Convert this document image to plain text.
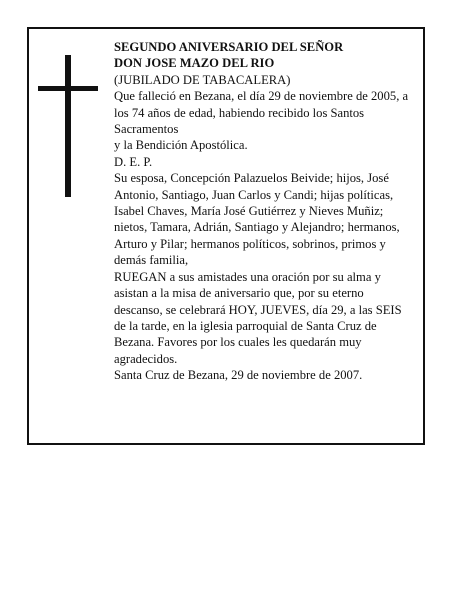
SEGUNDO ANIVERSARIO DEL SEÑOR

DON JOSE MAZO DEL RIO

(JUBILADO DE TABACALERA)

Que falleció en Bezana, el día 29 de noviembre de 2005, a los 74 años de edad, habiendo recibido los Santos Sacramentos

y la Bendición Apostólica.

D. E. P.

Su esposa, Concepción Palazuelos Beivide; hijos, José Antonio, Santiago, Juan Carlos y Candi; hijas políticas, Isabel Chaves, María José Gutiérrez y Nieves Muñiz; nietos, Tamara, Adrián, Santiago y Alejandro; hermanos, Arturo y Pilar; hermanos políticos, sobrinos, primos y demás familia,

RUEGAN a sus amistades una oración por su alma y asistan a la misa de aniversario que, por su eterno descanso, se celebrará HOY, JUEVES, día 29, a las SEIS de la tarde, en la iglesia parroquial de Santa Cruz de Bezana. Favores por los cuales les quedarán muy agradecidos.

Santa Cruz de Bezana, 29 de noviembre de 2007.
